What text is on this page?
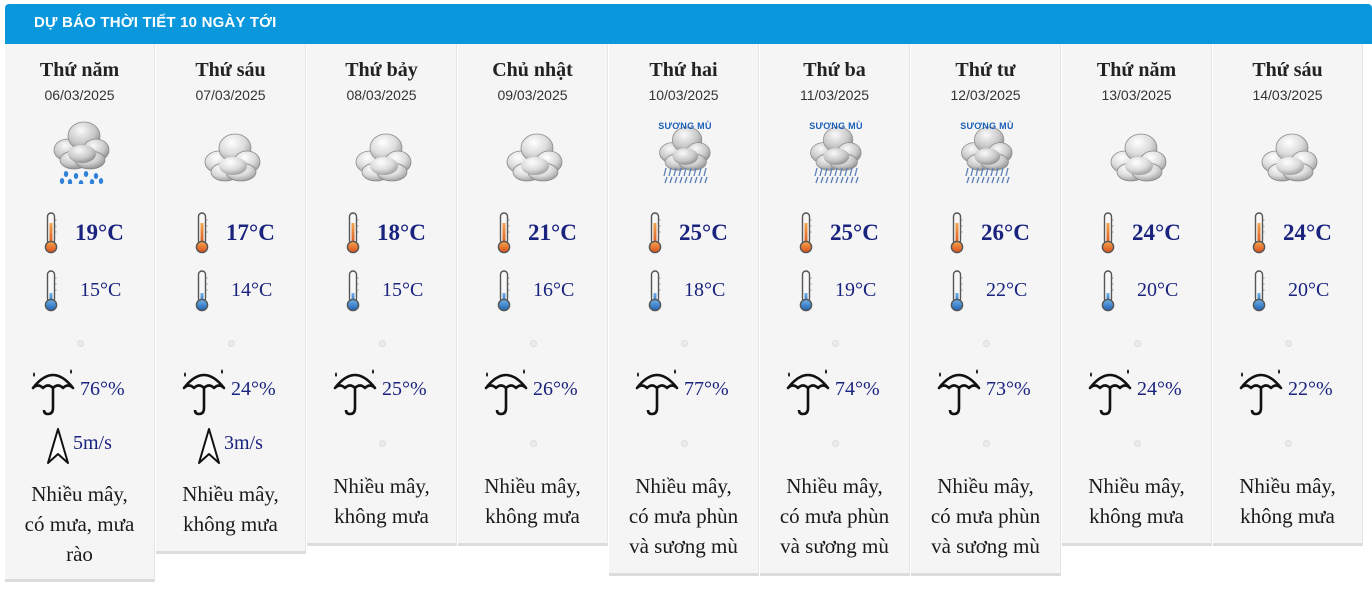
DỰ BÁO THỜI TIẾT 10 NGÀY TỚI
Thứ năm
06/03/2025
19°C
15°C
76°%
5m/s
Nhiều mây,
có mưa, mưa
rào
Thứ sáu
07/03/2025
17°C
14°C
24°%
3m/s
Nhiều mây,
không mưa
Thứ bảy
08/03/2025
18°C
15°C
25°%
Nhiều mây,
không mưa
Chủ nhật
09/03/2025
21°C
16°C
26°%
Nhiều mây,
không mưa
Thứ hai
10/03/2025
SƯƠNG MÙ
25°C
18°C
77°%
Nhiều mây,
có mưa phùn
và sương mù
Thứ ba
11/03/2025
SƯƠNG MÙ
25°C
19°C
74°%
Nhiều mây,
có mưa phùn
và sương mù
Thứ tư
12/03/2025
SƯƠNG MÙ
26°C
22°C
73°%
Nhiều mây,
có mưa phùn
và sương mù
Thứ năm
13/03/2025
24°C
20°C
24°%
Nhiều mây,
không mưa
Thứ sáu
14/03/2025
24°C
20°C
22°%
Nhiều mây,
không mưa
